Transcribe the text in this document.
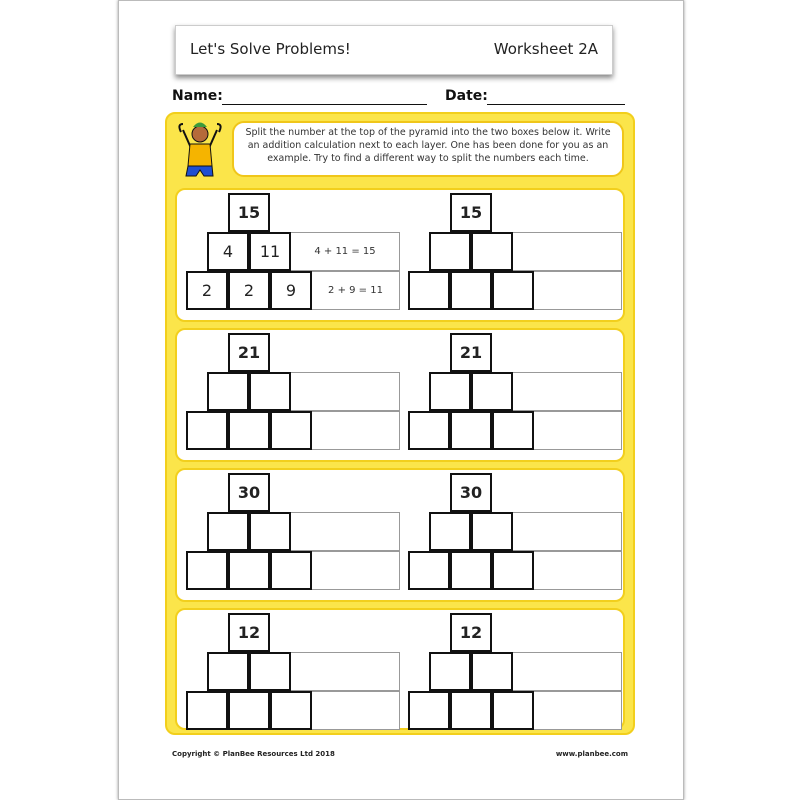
Let's Solve Problems!	Worksheet 2A
Name:	Date:
Split the number at the top of the pyramid into the two boxes below it. Write an addition calculation next to each layer. One has been done for you as an example. Try to find a different way to split the numbers each time.
4 + 11 = 15
2 + 9 = 11
15
4	11
2	2	9
15
21	21
30	30
12	12
Copyright © PlanBee Resources Ltd 2018	www.planbee.com
